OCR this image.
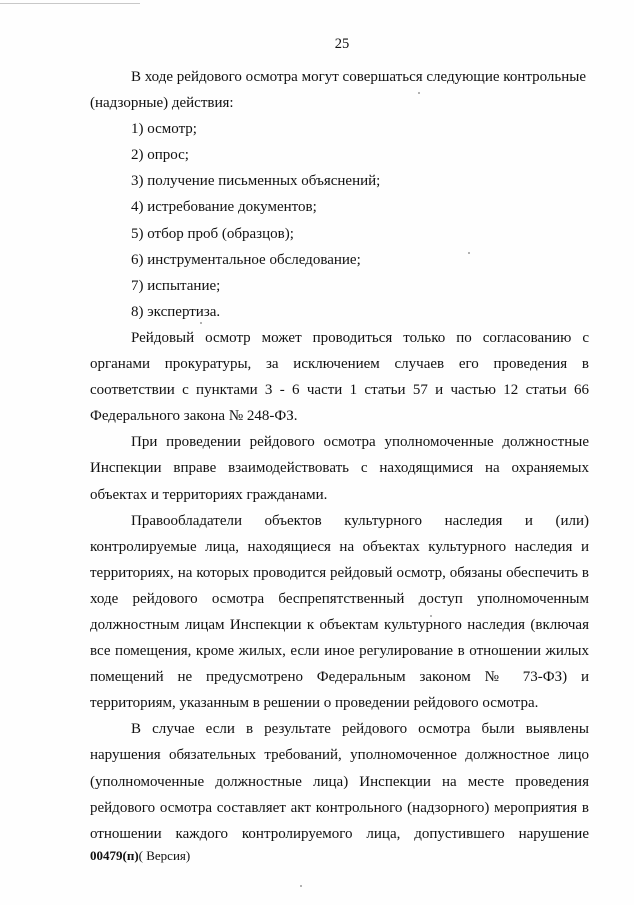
25
В ходе рейдового осмотра могут совершаться следующие контрольные
(надзорные) действия:
1) осмотр;
2) опрос;
3) получение письменных объяснений;
4) истребование документов;
5) отбор проб (образцов);
6) инструментальное обследование;
7) испытание;
8) экспертиза.
Рейдовый осмотр может проводиться только по согласованию с
органами прокуратуры, за исключением случаев его проведения в
соответствии с пунктами 3 - 6 части 1 статьи 57 и частью 12 статьи 66
Федерального закона № 248-ФЗ.
При проведении рейдового осмотра уполномоченные должностные
Инспекции вправе взаимодействовать с находящимися на охраняемых
объектах и территориях гражданами.
Правообладатели объектов культурного наследия и (или)
контролируемые лица, находящиеся на объектах культурного наследия и
территориях, на которых проводится рейдовый осмотр, обязаны обеспечить в
ходе рейдового осмотра беспрепятственный доступ уполномоченным
должностным лицам Инспекции к объектам культурного наследия (включая
все помещения, кроме жилых, если иное регулирование в отношении жилых
помещений не предусмотрено Федеральным законом № 73-ФЗ) и
территориям, указанным в решении о проведении рейдового осмотра.
В случае если в результате рейдового осмотра были выявлены
нарушения обязательных требований, уполномоченное должностное лицо
(уполномоченные должностные лица) Инспекции на месте проведения
рейдового осмотра составляет акт контрольного (надзорного) мероприятия в
отношении каждого контролируемого лица, допустившего нарушение
00479(п)( Версия)
